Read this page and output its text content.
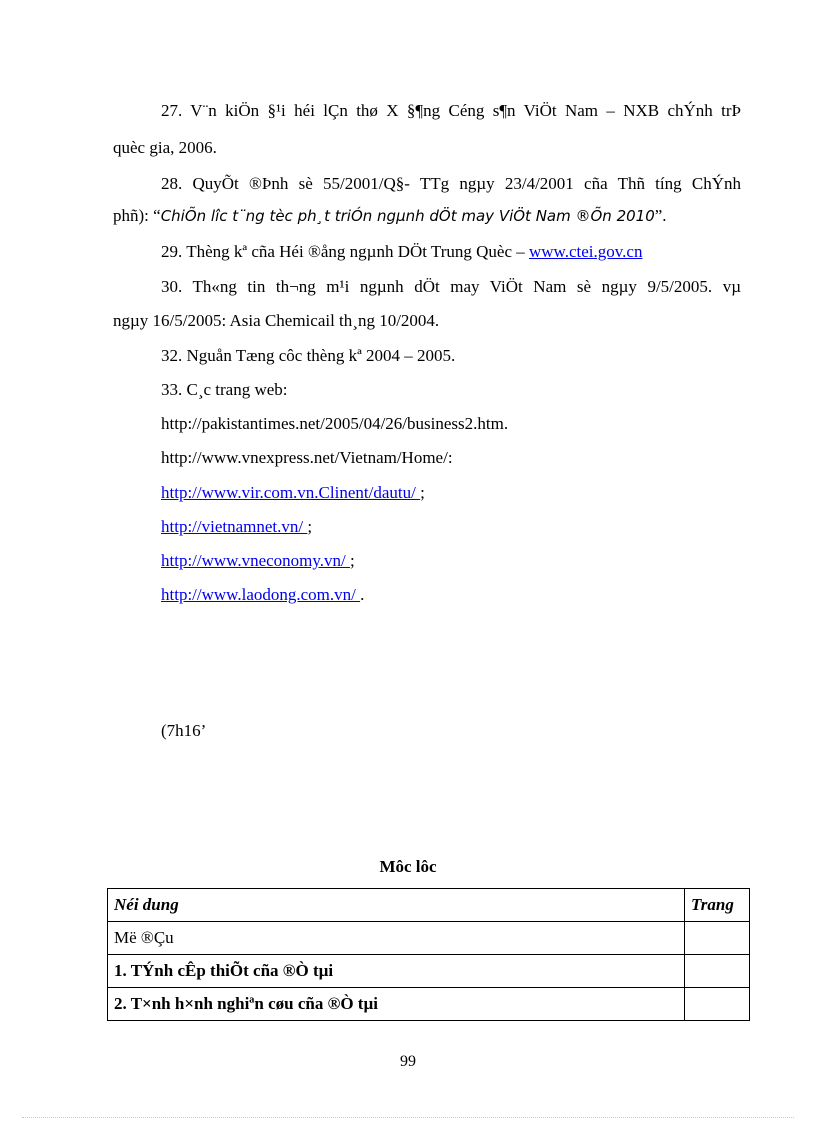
27. V¨n kiÖn §¹i héi lÇn thø X §¶ng Céng s¶n ViÖt Nam – NXB chÝnh trÞ
quèc gia, 2006.
28. QuyÕt ®Þnh sè 55/2001/Q§- TTg ngµy 23/4/2001 cña Thñ tíng ChÝnh
phñ): “ChiÕn lîc t¨ng tèc ph¸t triÓn ngµnh dÖt may ViÖt Nam ®Õn 2010”.
29. Thèng kª cña Héi ®ång ngµnh DÖt Trung Quèc – www.ctei.gov.cn
30. Th«ng tin th¬ng m¹i ngµnh dÖt may ViÖt Nam sè ngµy 9/5/2005. vµ
ngµy 16/5/2005: Asia Chemicail th¸ng 10/2004.
32. Nguån Tæng côc thèng kª 2004 – 2005.
33. C¸c trang web:
http://pakistantimes.net/2005/04/26/business2.htm.
http://www.vnexpress.net/Vietnam/Home/:
http://www.vir.com.vn.Clinent/dautu/ ;
http://vietnamnet.vn/ ;
http://www.vneconomy.vn/ ;
http://www.laodong.com.vn/ .
(7h16’
Môc lôc
Néi dung	Trang
Më ®Çu	
1. TÝnh cÊp thiÕt cña ®Ò tµi	
2. T×nh h×nh nghiªn cøu cña ®Ò tµi	
99
